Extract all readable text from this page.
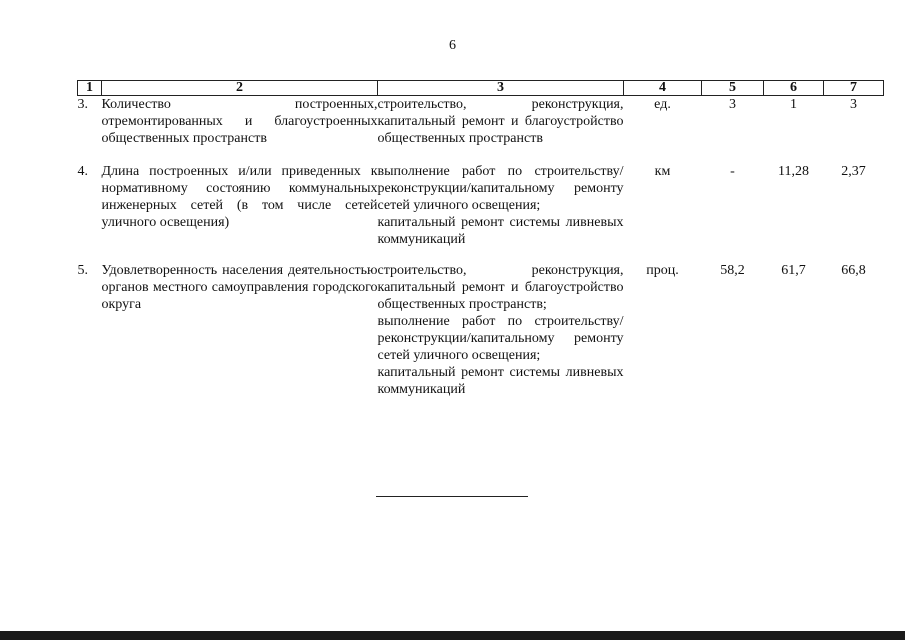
6
1	2	3	4	5	6	7
3.	Количество построенных, отремонтированных и благоустроенных общественных пространств	строительство, реконструкция, капитальный ремонт и благоустройство общественных пространств	ед.	3	1	3
4.	Длина построенных и/или приведенных к нормативному состоянию коммунальных инженерных сетей (в том числе сетей уличного освещения)	выполнение работ по строительству/реконструкции/капитальному ремонту сетей уличного освещения;
капитальный ремонт системы ливневых коммуникаций	км	-	11,28	2,37
5.	Удовлетворенность населения деятельностью органов местного самоуправления городского округа	строительство, реконструкция, капитальный ремонт и благоустройство общественных пространств;
выполнение работ по строительству/реконструкции/капитальному ремонту сетей уличного освещения;
капитальный ремонт системы ливневых коммуникаций	проц.	58,2	61,7	66,8
